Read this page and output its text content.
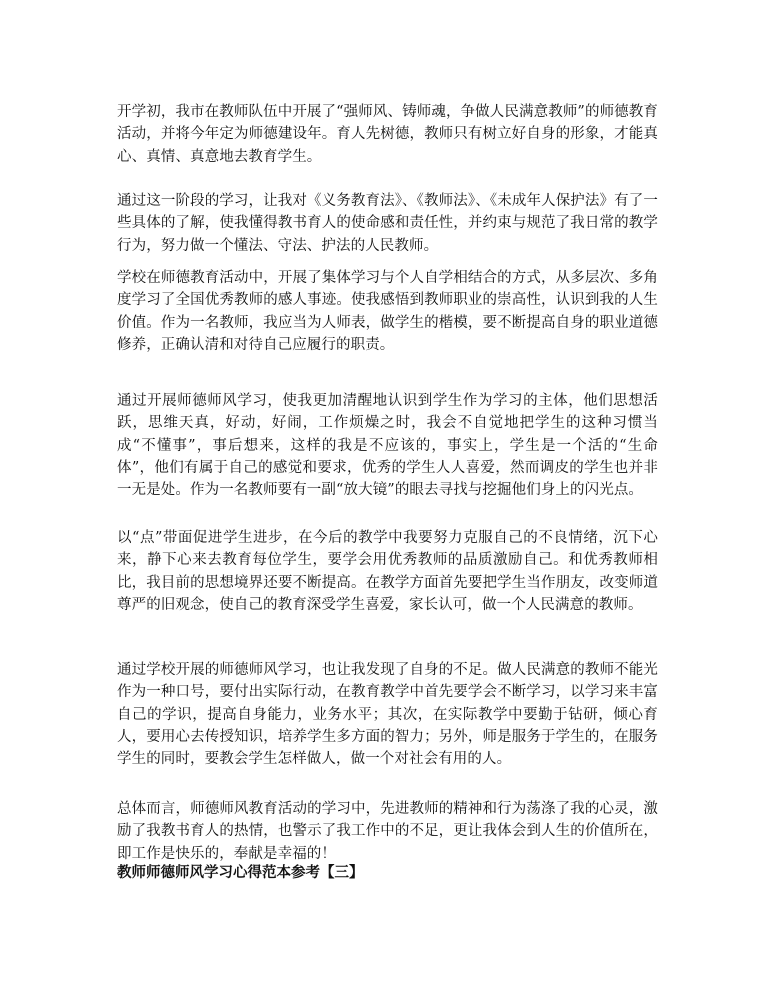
开学初，我市在教师队伍中开展了“强师风、铸师魂，争做人民满意教师”的师德教育活动，并将今年定为师德建设年。育人先树德，教师只有树立好自身的形象，才能真心、真情、真意地去教育学生。

通过这一阶段的学习，让我对《义务教育法》、《教师法》、《未成年人保护法》有了一些具体的了解，使我懂得教书育人的使命感和责任性，并约束与规范了我日常的教学行为，努力做一个懂法、守法、护法的人民教师。

学校在师德教育活动中，开展了集体学习与个人自学相结合的方式，从多层次、多角度学习了全国优秀教师的感人事迹。使我感悟到教师职业的崇高性，认识到我的人生价值。作为一名教师，我应当为人师表，做学生的楷模，要不断提高自身的职业道德修养，正确认清和对待自己应履行的职责。

通过开展师德师风学习，使我更加清醒地认识到学生作为学习的主体，他们思想活跃，思维天真，好动，好闹，工作烦燥之时，我会不自觉地把学生的这种习惯当成“不懂事”，事后想来，这样的我是不应该的，事实上，学生是一个活的“生命体”，他们有属于自己的感觉和要求，优秀的学生人人喜爱，然而调皮的学生也并非一无是处。作为一名教师要有一副“放大镜”的眼去寻找与挖掘他们身上的闪光点。

以“点”带面促进学生进步，在今后的教学中我要努力克服自己的不良情绪，沉下心来，静下心来去教育每位学生，要学会用优秀教师的品质激励自己。和优秀教师相比，我目前的思想境界还要不断提高。在教学方面首先要把学生当作朋友，改变师道尊严的旧观念，使自己的教育深受学生喜爱，家长认可，做一个人民满意的教师。

通过学校开展的师德师风学习，也让我发现了自身的不足。做人民满意的教师不能光作为一种口号，要付出实际行动，在教育教学中首先要学会不断学习，以学习来丰富自己的学识，提高自身能力，业务水平；其次，在实际教学中要勤于钻研，倾心育人，要用心去传授知识，培养学生多方面的智力；另外，师是服务于学生的，在服务学生的同时，要教会学生怎样做人，做一个对社会有用的人。

总体而言，师德师风教育活动的学习中，先进教师的精神和行为荡涤了我的心灵，激励了我教书育人的热情，也警示了我工作中的不足，更让我体会到人生的价值所在，即工作是快乐的，奉献是幸福的！

教师师德师风学习心得范本参考【三】
